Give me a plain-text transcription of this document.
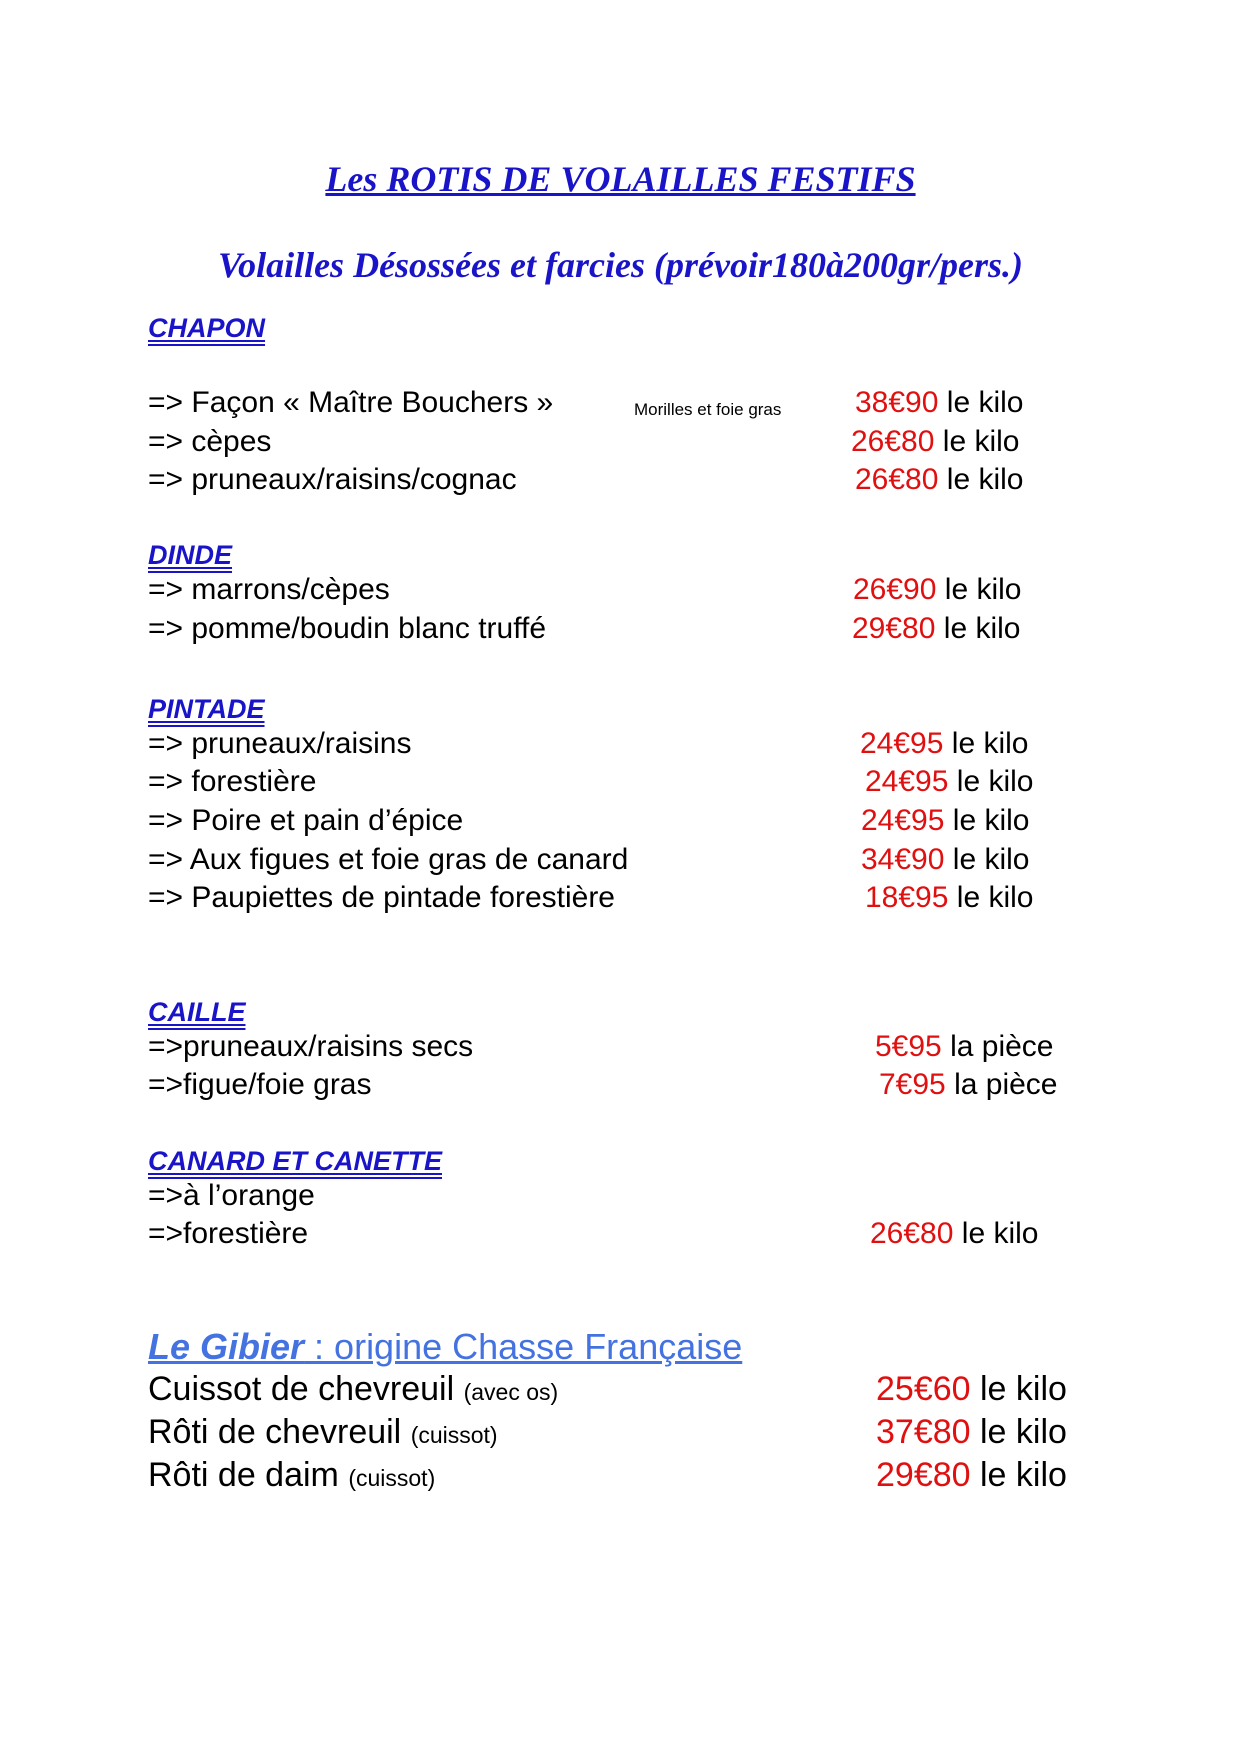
Les ROTIS DE VOLAILLES FESTIFS
Volailles Désossées et farcies (prévoir180à200gr/pers.)
CHAPON
=> Façon « Maître Bouchers »	Morilles et foie gras 38€90 le kilo
=> cèpes	26€80 le kilo
=> pruneaux/raisins/cognac	26€80 le kilo
DINDE
=> marrons/cèpes	26€90 le kilo
=> pomme/boudin blanc truffé	29€80 le kilo
PINTADE
=> pruneaux/raisins	24€95 le kilo
=> forestière	24€95 le kilo
=> Poire et pain d’épice	24€95 le kilo
=> Aux figues et foie gras de canard	34€90 le kilo
=> Paupiettes de pintade forestière	18€95 le kilo
CAILLE
=>pruneaux/raisins secs	5€95 la pièce
=>figue/foie gras	7€95 la pièce
CANARD ET CANETTE
=>à l’orange
=>forestière	26€80 le kilo
Le Gibier : origine Chasse Française
Cuissot de chevreuil (avec os)	25€60 le kilo
Rôti de chevreuil (cuissot)	37€80 le kilo
Rôti de daim (cuissot)	29€80 le kilo
